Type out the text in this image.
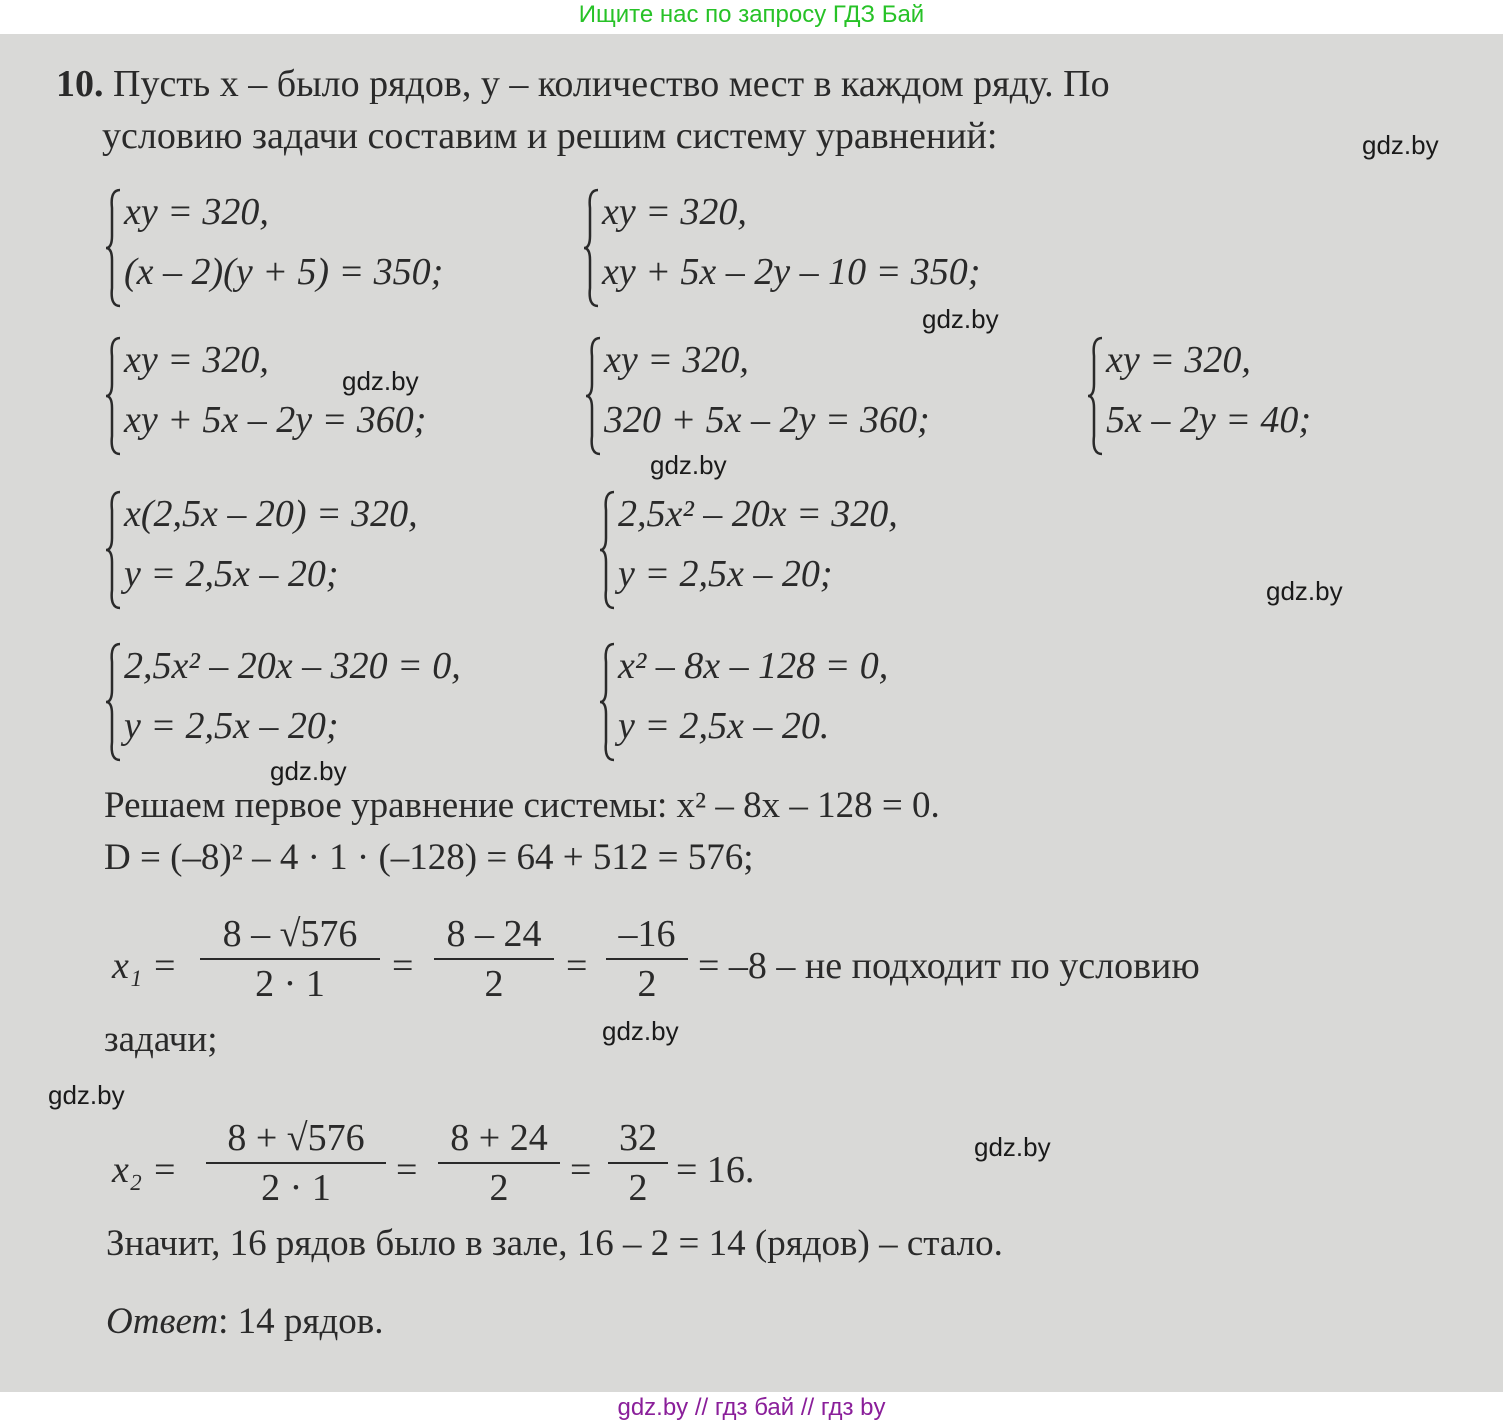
Ищите нас по запросу ГДЗ Бай
10. Пусть x – было рядов, y – количество мест в каждом ряду. По
условию задачи составим и решим систему уравнений:
xy = 320,
(x – 2)(y + 5) = 350;
xy = 320,
xy + 5x – 2y – 10 = 350;
xy = 320,
xy + 5x – 2y = 360;
xy = 320,
320 + 5x – 2y = 360;
xy = 320,
5x – 2y = 40;
x(2,5x – 20) = 320,
y = 2,5x – 20;
2,5x² – 20x = 320,
y = 2,5x – 20;
2,5x² – 20x – 320 = 0,
y = 2,5x – 20;
x² – 8x – 128 = 0,
y = 2,5x – 20.
Решаем первое уравнение системы: x² – 8x – 128 = 0.
D = (–8)² – 4 · 1 · (–128) = 64 + 512 = 576;
x₁ =
8 – √576
2 · 1	=
8 – 24
2	=
–16
2	= –8 – не подходит по условию
задачи;
x₂ =
8 + √576
2 · 1	=
8 + 24
2	=
32
2 = 16.
Значит, 16 рядов было в зале, 16 – 2 = 14 (рядов) – стало.
Ответ: 14 рядов.
gdz.by
gdz.by
gdz.by
gdz.by
gdz.by
gdz.by
gdz.by
gdz.by
gdz.by
gdz.by // гдз бай // гдз by
